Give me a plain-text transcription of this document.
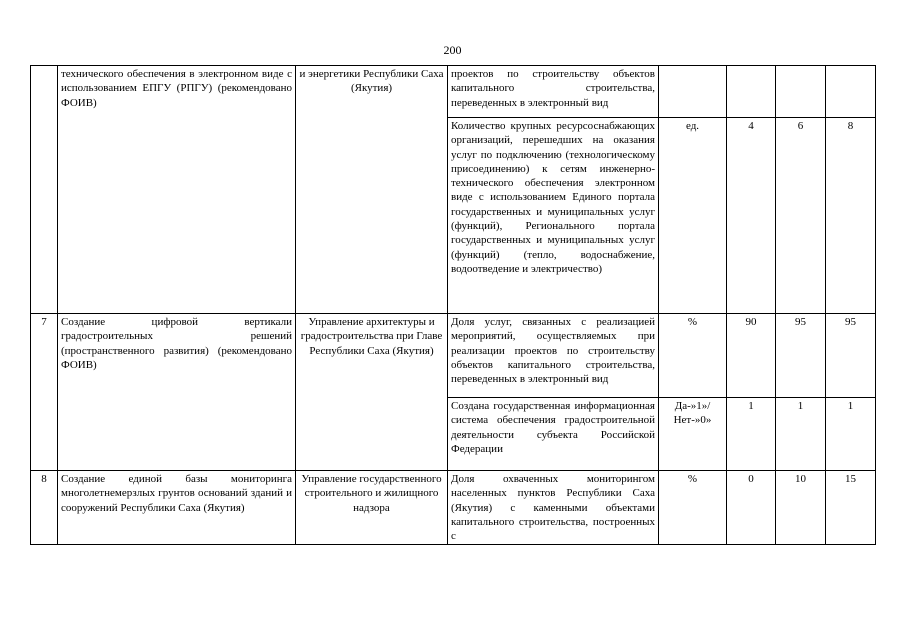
200
	технического обеспечения в электронном виде с использованием ЕПГУ (РПГУ) (рекомендовано ФОИВ)	и энергетики Республики Саха (Якутия)	проектов по строительству объектов капитального строительства, переведенных в электронный вид				
			Количество крупных ресурсоснабжающих организаций, перешедших на оказания услуг по подключению (технологическому присоединению) к сетям инженерно-технического обеспечения электронном виде с использованием Единого портала государственных и муниципальных услуг (функций), Регионального портала государственных и муниципальных услуг (функций) (тепло, водоснабжение, водоотведение и электричество)	ед.	4	6	8
7	Создание цифровой вертикали градостроительных решений (пространственного развития) (рекомендовано ФОИВ)	Управление архитектуры и градостроительства при Главе Республики Саха (Якутия)	Доля услуг, связанных с реализацией мероприятий, осуществляемых при реализации проектов по строительству объектов капитального строительства, переведенных в электронный вид	%	90	95	95
			Создана государственная информационная система обеспечения градостроительной деятельности субъекта Российской Федерации	Да-»1»/Нет-»0»	1	1	1
8	Создание единой базы мониторинга многолетнемерзлых грунтов оснований зданий и сооружений Республики Саха (Якутия)	Управление государственного строительного и жилищного надзора	Доля охваченных мониторингом населенных пунктов Республики Саха (Якутия) с каменными объектами капитального строительства, построенных с	%	0	10	15
